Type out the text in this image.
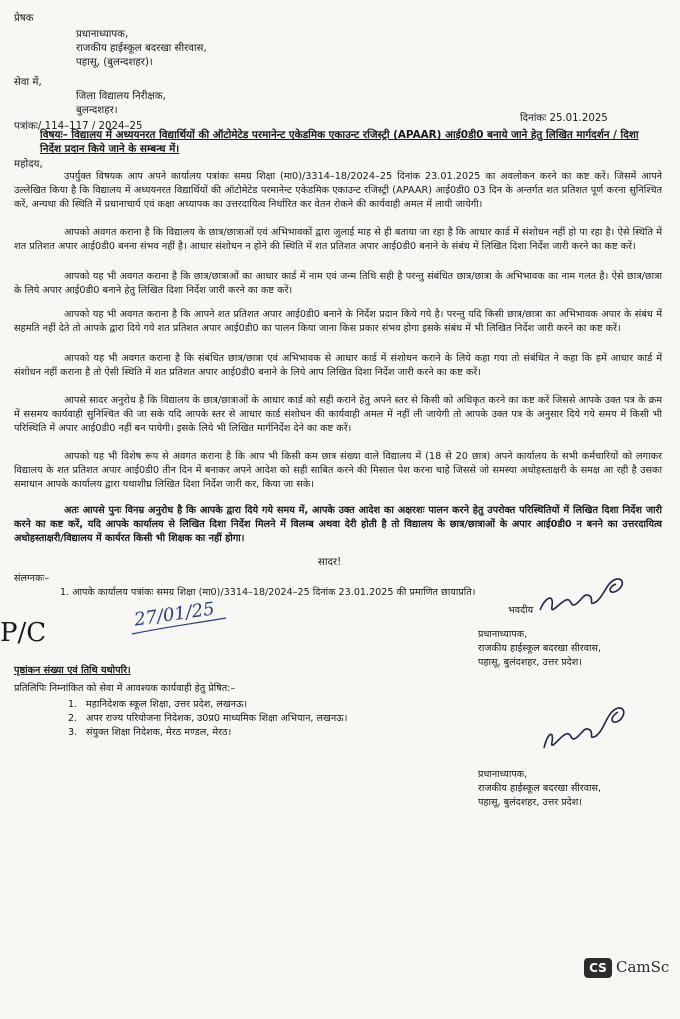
प्रेषक
प्रधानाध्यापक,
राजकीय हाईस्कूल बदरखा सीरवास,
पहासू, (बुलन्दशहर)।
सेवा में,
जिला विद्यालय निरीक्षक,
बुलन्दशहर।
पत्रांकः/ 114–117 / 2024–25
दिनांकः 25.01.2025
विषयः– विद्यालय में अध्ययनरत विद्यार्थियों की ऑटोमेटेड परमानेन्ट एकेडमिक एकाउन्ट रजिस्ट्री (APAAR) आई0डी0 बनाये जाने हेतु लिखित मार्गदर्शन / दिशा निर्देश प्रदान किये जाने के सम्बन्ध में।
महोदय,
उपर्युक्त विषयक आप अपने कार्यालय पत्रांकः समग्र शिक्षा (मा0)/3314–18/2024–25 दिनांक 23.01.2025 का अवलोकन करने का कष्ट करें। जिसमें आपने उल्लेखित किया है कि विद्यालय में अध्ययनरत विद्यार्थियों की ऑटोमेटेड परमानेन्ट एकेडमिक एकाउन्ट रजिस्ट्री (APAAR) आई0डी0 03 दिन के अन्तर्गत शत प्रतिशत पूर्ण करना सुनिश्चित करें, अन्यथा की स्थिति में प्रधानाचार्य एवं कक्षा अध्यापक का उत्तरदायित्व निर्धारित कर वेतन रोकने की कार्यवाही अमल में लायी जायेगी।
आपको अवगत कराना है कि विद्यालय के छात्र/छात्राओं एवं अभिभावकों द्वारा जुलाई माह से ही बताया जा रहा है कि आधार कार्ड में संशोधन नहीं हो पा रहा है। ऐसे स्थिति में शत प्रतिशत अपार आई0डी0 बनना संभव नहीं है। आधार संशोधन न होने की स्थिति में शत प्रतिशत अपार आई0डी0 बनाने के संबंध में लिखित दिशा निर्देश जारी करने का कष्ट करें।
आपको यह भी अवगत कराना है कि छात्र/छात्राओं का आधार कार्ड में नाम एवं जन्म तिथि सही है परन्तु संबंधित छात्र/छात्रा के अभिभावक का नाम गलत है। ऐसे छात्र/छात्रा के लिये अपार आई0डी0 बनाने हेतु लिखित दिशा निर्देश जारी करने का कष्ट करें।
आपको यह भी अवगत कराना है कि आपने शत प्रतिशत अपार आई0डी0 बनाने के निर्देश प्रदान किये गये है। परन्तु यदि किसी छात्र/छात्रा का अभिभावक अपार के संबंध में सहमति नहीं देते तो आपके द्वारा दिये गये शत प्रतिशत अपार आई0डी0 का पालन किया जाना किस प्रकार संभव होगा इसके संबंध में भी लिखित निर्देश जारी करने का कष्ट करें।
आपको यह भी अवगत कराना है कि संबंधित छात्र/छात्रा एवं अभिभावक से आधार कार्ड में संशोधन कराने के लिये कहा गया तो संबंधित ने कहा कि हमें आधार कार्ड में संशोधन नहीं कराना है तो ऐसी स्थिति में शत प्रतिशत अपार आई0डी0 बनाने के लिये आप लिखित दिशा निर्देश जारी करने का कष्ट करें।
आपसे सादर अनुरोध है कि विद्यालय के छात्र/छात्राओं के आधार कार्ड को सही कराने हेतु अपने स्तर से किसी को अधिकृत करने का कष्ट करें जिससे आपके उक्त पत्र के क्रम में ससमय कार्यवाही सुनिश्चित की जा सके यदि आपके स्तर से आधार कार्ड संशोधन की कार्यवाही अमल में नहीं ली जायेगी तो आपके उक्त पत्र के अनुसार दिये गये समय में किसी भी परिस्थिति में अपार आई0डी0 नहीं बन पायेगी। इसके लिये भी लिखित मार्गनिर्देश देने का कष्ट करें।
आपको यह भी विशेष रूप से अवगत कराना है कि आप भी किसी कम छात्र संख्या वाले विद्यालय में (18 से 20 छात्र) अपने कार्यालय के सभी कर्मचारियों को लगाकर विद्यालय के शत प्रतिशत अपार आई0डी0 तीन दिन में बनाकर अपने आदेश को सही साबित करने की मिसाल पेश करना चाहे जिससे जो समस्या अधोहस्ताक्षरी के समक्ष आ रही है उसका समाधान आपके कार्यालय द्वारा यथाशीघ्र लिखित दिशा निर्देश जारी कर, किया जा सके।
अतः आपसे पुनः विनम्र अनुरोध है कि आपके द्वारा दिये गये समय में, आपके उक्त आदेश का अक्षरशः पालन करने हेतु उपरोक्त परिस्थितियों में लिखित दिशा निर्देश जारी करने का कष्ट करें, यदि आपके कार्यालय से लिखित दिशा निर्देश मिलने में विलम्ब अथवा देरी होती है तो विद्यालय के छात्र/छात्राओं के अपार आई0डी0 न बनने का उत्तरदायित्व अधोहस्ताक्षरी/विद्यालय में कार्यरत किसी भी शिक्षक का नहीं होगा।
सादर!
संलग्नकः–
1. आपके कार्यालय पत्रांकः समग्र शिक्षा (मा0)/3314–18/2024–25 दिनांक 23.01.2025 की प्रमाणित छायाप्रति।
भवदीय
प्रधानाध्यापक,
राजकीय हाईस्कूल बदरखा सीरवास,
पहासू, बुलंदशहर, उत्तर प्रदेश।
27/01/25
P/C
पृष्ठांकन संख्या एवं तिथि यथोपरि।
प्रतिलिपिः निम्नांकित को सेवा में आवश्यक कार्यवाही हेतु प्रेषित:–
1. महानिदेशक स्कूल शिक्षा, उत्तर प्रदेश, लखनऊ।
2. अपर राज्य परियोजना निदेशक, उ0प्र0 माध्यमिक शिक्षा अभियान, लखनऊ।
3. संयुक्त शिक्षा निदेशक, मेरठ मण्डल, मेरठ।
प्रधानाध्यापक,
राजकीय हाईस्कूल बदरखा सीरवास,
पहासू, बुलंदशहर, उत्तर प्रदेश।
CS CamSc
